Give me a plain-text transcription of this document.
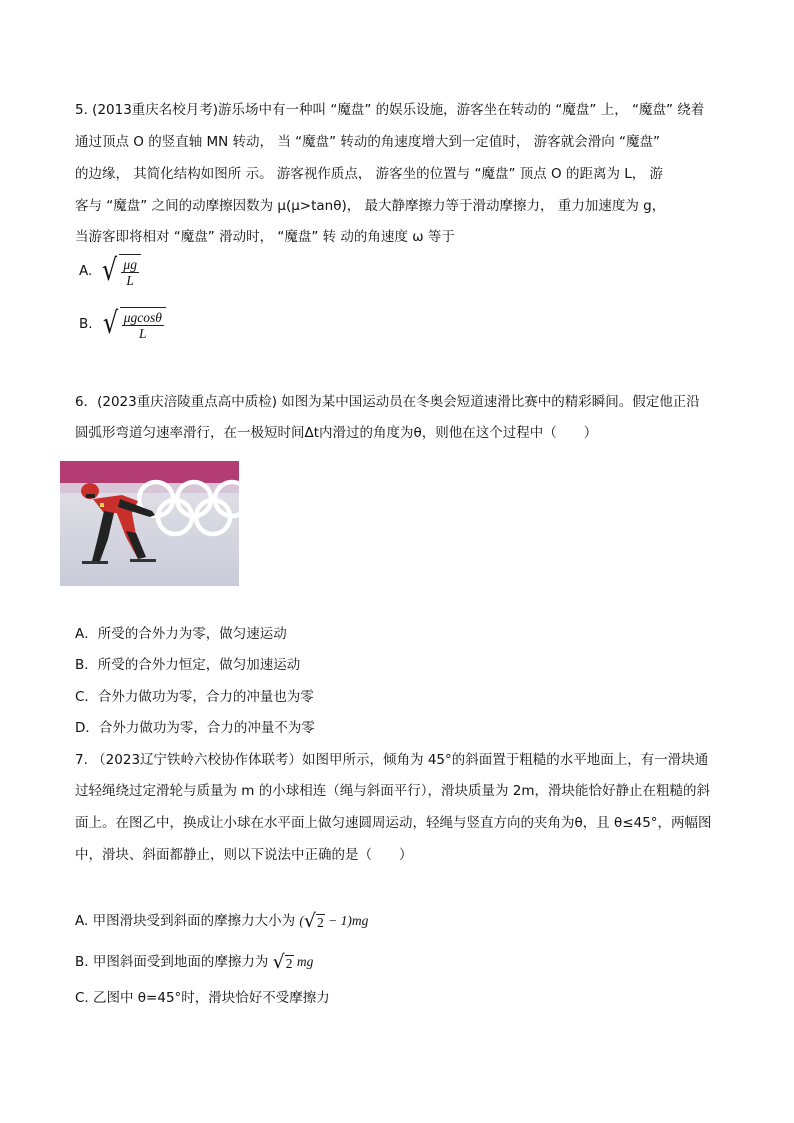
5. (2013重庆名校月考)游乐场中有一种叫 “魔盘” 的娱乐设施，游客坐在转动的 “魔盘” 上， “魔盘” 绕着
通过顶点 O 的竖直轴 MN 转动， 当 “魔盘” 转动的角速度增大到一定值时， 游客就会滑向 “魔盘”
的边缘， 其简化结构如图所 示。 游客视作质点， 游客坐的位置与 “魔盘” 顶点 O 的距离为 L， 游
客与 “魔盘” 之间的动摩擦因数为 μ(μ>tanθ)， 最大静摩擦力等于滑动摩擦力， 重力加速度为 g，
当游客即将相对 “魔盘” 滑动时， “魔盘” 转 动的角速度 ω 等于
A. √ $\frac{\mu g}{L}$
B. √ $\frac{\mu gcos\theta}{L}$
6．(2023重庆涪陵重点高中质检) 如图为某中国运动员在冬奥会短道速滑比赛中的精彩瞬间。假定他正沿
圆弧形弯道匀速率滑行，在一极短时间Δt内滑过的角度为θ，则他在这个过程中（　　）
A．所受的合外力为零，做匀速运动
B．所受的合外力恒定，做匀加速运动
C．合外力做功为零，合力的冲量也为零
D．合外力做功为零，合力的冲量不为零
7. （2023辽宁铁岭六校协作体联考）如图甲所示，倾角为 45°的斜面置于粗糙的水平地面上，有一滑块通
过轻绳绕过定滑轮与质量为 m 的小球相连（绳与斜面平行），滑块质量为 2m，滑块能恰好静止在粗糙的斜
面上。在图乙中，换成让小球在水平面上做匀速圆周运动，轻绳与竖直方向的夹角为θ，且 θ≤45°，两幅图
中，滑块、斜面都静止，则以下说法中正确的是（　　）
A. 甲图滑块受到斜面的摩擦力大小为 ( √ 2 − 1)mg
B. 甲图斜面受到地面的摩擦力为 √ 2 mg
C. 乙图中 θ=45°时，滑块恰好不受摩擦力
